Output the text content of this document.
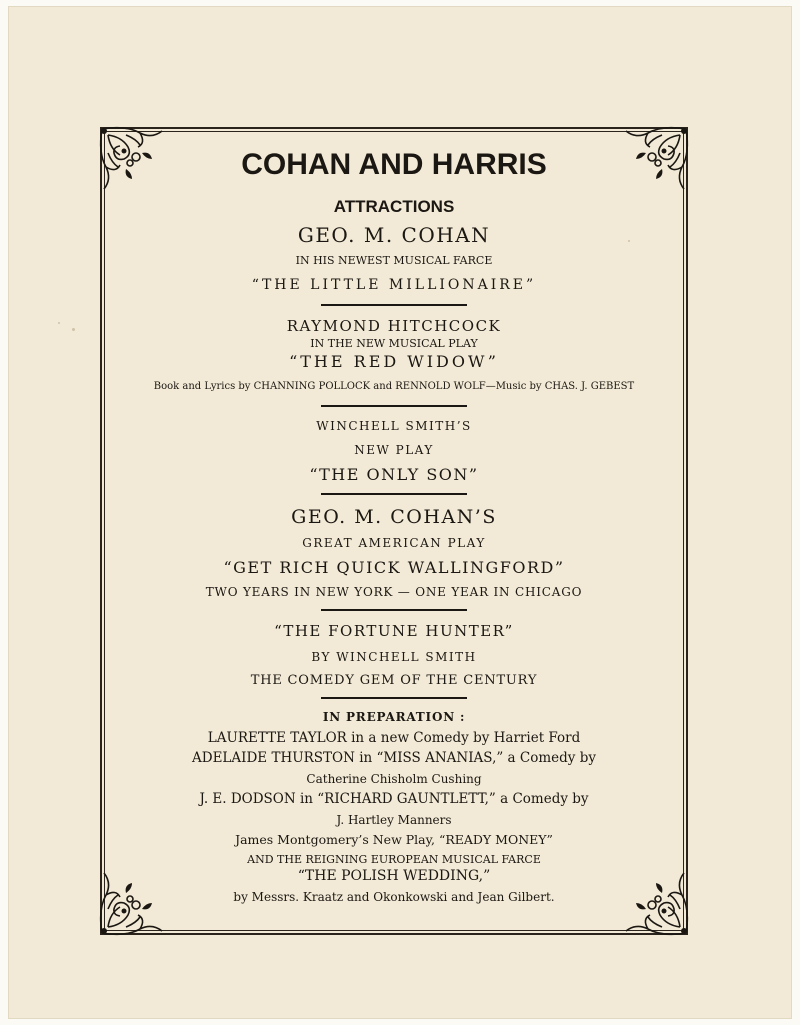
COHAN AND HARRIS
ATTRACTIONS
GEO. M. COHAN
IN HIS NEWEST MUSICAL FARCE
“THE LITTLE MILLIONAIRE”
RAYMOND HITCHCOCK
IN THE NEW MUSICAL PLAY
“THE RED WIDOW”
Book and Lyrics by CHANNING POLLOCK and RENNOLD WOLF—Music by CHAS. J. GEBEST
WINCHELL SMITH’S
NEW PLAY
“THE ONLY SON”
GEO. M. COHAN’S
GREAT AMERICAN PLAY
“GET RICH QUICK WALLINGFORD”
TWO YEARS IN NEW YORK — ONE YEAR IN CHICAGO
“THE FORTUNE HUNTER”
BY WINCHELL SMITH
THE COMEDY GEM OF THE CENTURY
IN PREPARATION :
LAURETTE TAYLOR in a new Comedy by Harriet Ford
ADELAIDE THURSTON in “MISS ANANIAS,” a Comedy by
Catherine Chisholm Cushing
J. E. DODSON in “RICHARD GAUNTLETT,” a Comedy by
J. Hartley Manners
James Montgomery’s New Play, “READY MONEY”
AND THE REIGNING EUROPEAN MUSICAL FARCE
“THE POLISH WEDDING,”
by Messrs. Kraatz and Okonkowski and Jean Gilbert.
